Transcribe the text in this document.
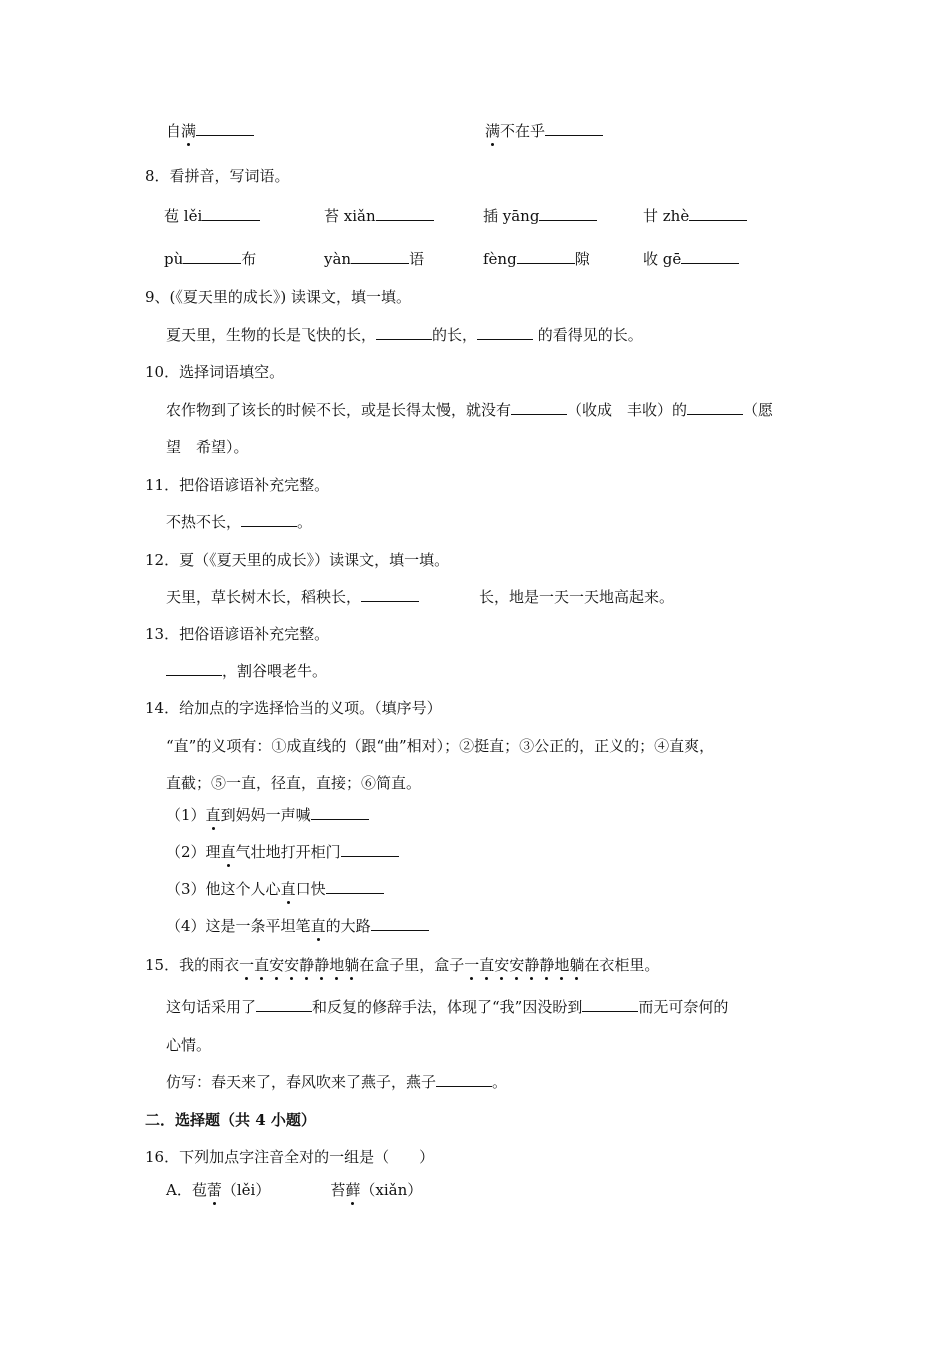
自满	满不在乎
8．看拼音，写词语。
苞 lěi	苔 xiǎn	插 yāng	甘 zhè
pù	布	yàn	语	fèng	隙	收 gē
9、(《夏天里的成长》) 读课文，填一填。
夏天里，生物的长是飞快的长，	的长，	的看得见的长。
10．选择词语填空。
农作物到了该长的时候不长，或是长得太慢，就没有	（收成　丰收）的	（愿
望　希望）。
11．把俗语谚语补充完整。
不热不长，	。
12．夏（《夏天里的成长》）读课文，填一填。
天里，草长树木长，稻秧长，	长，地是一天一天地高起来。
13．把俗语谚语补充完整。
，割谷喂老牛。
14．给加点的字选择恰当的义项。（填序号）
“直”的义项有：①成直线的（跟“曲”相对）；②挺直；③公正的，正义的；④直爽，
直截；⑤一直，径直，直接；⑥简直。
（1）直到妈妈一声喊
（2）理直气壮地打开柜门
（3）他这个人心直口快
（4）这是一条平坦笔直的大路
15．我的雨衣一直安安静静地躺在盒子里，盒子一直安安静静地躺在衣柜里。
这句话采用了	和反复的修辞手法，体现了“我”因没盼到	而无可奈何的
心情。
仿写：春天来了，春风吹来了燕子，燕子	。
二．选择题（共 4 小题）
16．下列加点字注音全对的一组是（　　）
A．苞蕾（lěi）	苔藓（xiǎn）
